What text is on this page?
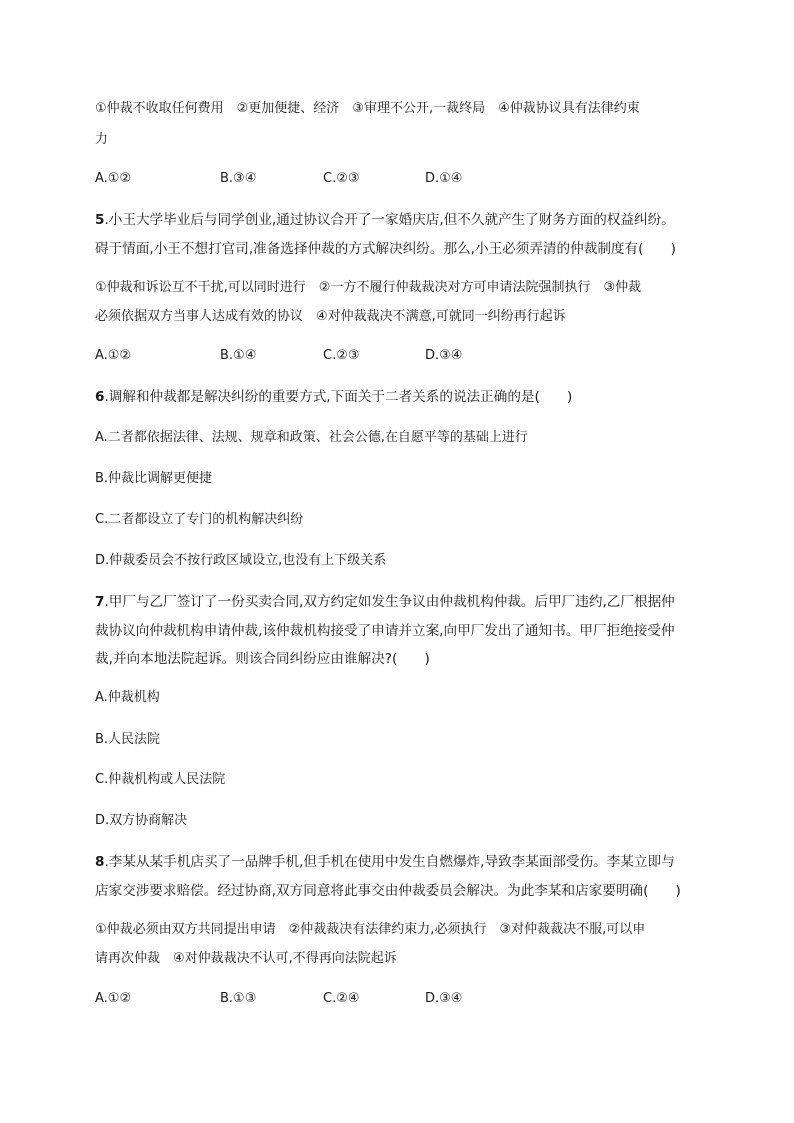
①仲裁不收取任何费用　②更加便捷、经济　③审理不公开,一裁终局　④仲裁协议具有法律约束
力
A.①②	B.③④	C.②③	D.①④
5.小王大学毕业后与同学创业,通过协议合开了一家婚庆店,但不久就产生了财务方面的权益纠纷。
碍于情面,小王不想打官司,准备选择仲裁的方式解决纠纷。那么,小王必须弄清的仲裁制度有(　　)
①仲裁和诉讼互不干扰,可以同时进行　②一方不履行仲裁裁决对方可申请法院强制执行　③仲裁
必须依据双方当事人达成有效的协议　④对仲裁裁决不满意,可就同一纠纷再行起诉
A.①②	B.①④	C.②③	D.③④
6.调解和仲裁都是解决纠纷的重要方式,下面关于二者关系的说法正确的是(　　)
A.二者都依据法律、法规、规章和政策、社会公德,在自愿平等的基础上进行
B.仲裁比调解更便捷
C.二者都设立了专门的机构解决纠纷
D.仲裁委员会不按行政区域设立,也没有上下级关系
7.甲厂与乙厂签订了一份买卖合同,双方约定如发生争议由仲裁机构仲裁。后甲厂违约,乙厂根据仲
裁协议向仲裁机构申请仲裁,该仲裁机构接受了申请并立案,向甲厂发出了通知书。甲厂拒绝接受仲
裁,并向本地法院起诉。则该合同纠纷应由谁解决?(　　)
A.仲裁机构
B.人民法院
C.仲裁机构或人民法院
D.双方协商解决
8.李某从某手机店买了一品牌手机,但手机在使用中发生自燃爆炸,导致李某面部受伤。李某立即与
店家交涉要求赔偿。经过协商,双方同意将此事交由仲裁委员会解决。为此李某和店家要明确(　　)
①仲裁必须由双方共同提出申请　②仲裁裁决有法律约束力,必须执行　③对仲裁裁决不服,可以申
请再次仲裁　④对仲裁裁决不认可,不得再向法院起诉
A.①②	B.①③	C.②④	D.③④
